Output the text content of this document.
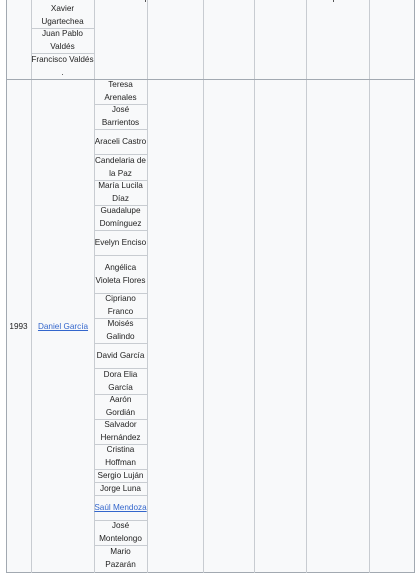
Xavier Ugartechea
Juan Pablo Valdés
Francisco Valdés .
1993	Daniel García
Teresa Arenales
José Barrientos
Araceli Castro
Candelaria de la Paz
María Lucila Díaz
Guadalupe Domínguez
Evelyn Enciso
Angélica Violeta Flores
Cipriano Franco
Moisés Galindo
David García
Dora Elia García
Aarón Gordián
Salvador Hernández
Cristina Hoffman
Sergio Luján
Jorge Luna
Saúl Mendoza
José Montelongo
Mario Pazarán
